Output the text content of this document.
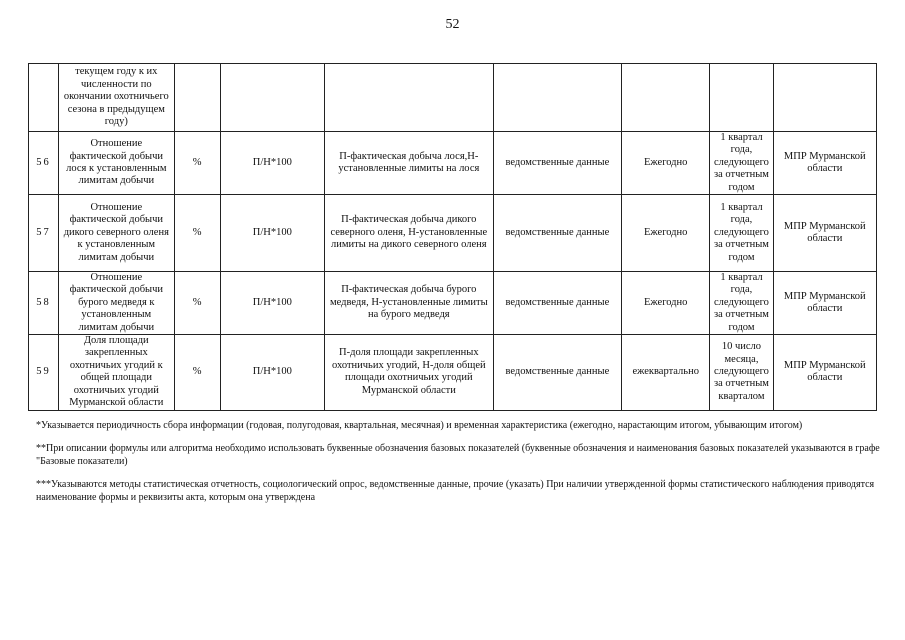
52
	текущем году к их численности по окончании охотничьего сезона в предыдущем году)							
56	Отношение фактической добычи лося к установленным лимитам добычи	%	П/Н*100	П-фактическая добыча лося,Н-установленные лимиты на лося	ведомственные данные	Ежегодно	1 квартал года, следующего за отчетным годом	МПР Мурманской области
57	Отношение фактической добычи дикого северного оленя к установленным лимитам добычи	%	П/Н*100	П-фактическая добыча дикого северного оленя, Н-установленные лимиты на дикого северного оленя	ведомственные данные	Ежегодно	1 квартал года, следующего за отчетным годом	МПР Мурманской области
58	Отношение фактической добычи бурого медведя к установленным лимитам добычи	%	П/Н*100	П-фактическая добыча бурого медведя, Н-установленные лимиты на бурого медведя	ведомственные данные	Ежегодно	1 квартал года, следующего за отчетным годом	МПР Мурманской области
59	Доля площади закрепленных охотничьих угодий к общей площади охотничьих угодий Мурманской области	%	П/Н*100	П-доля площади закрепленных охотничьих угодий, Н-доля общей площади охотничьих угодий Мурманской области	ведомственные данные	ежеквартально	10 число месяца, следующего за отчетным кварталом	МПР Мурманской области

*Указывается периодичность сбора информации (годовая, полугодовая, квартальная, месячная) и временная характеристика (ежегодно, нарастающим итогом, убывающим итогом)

**При описании формулы или алгоритма необходимо использовать буквенные обозначения базовых показателей (буквенные обозначения и наименования базовых показателей указываются в графе "Базовые показатели)

***Указываются методы статистическая отчетность, социологический опрос, ведомственные данные, прочие (указать) При наличии утвержденной формы статистического наблюдения приводятся наименование формы и реквизиты акта, которым она утверждена
